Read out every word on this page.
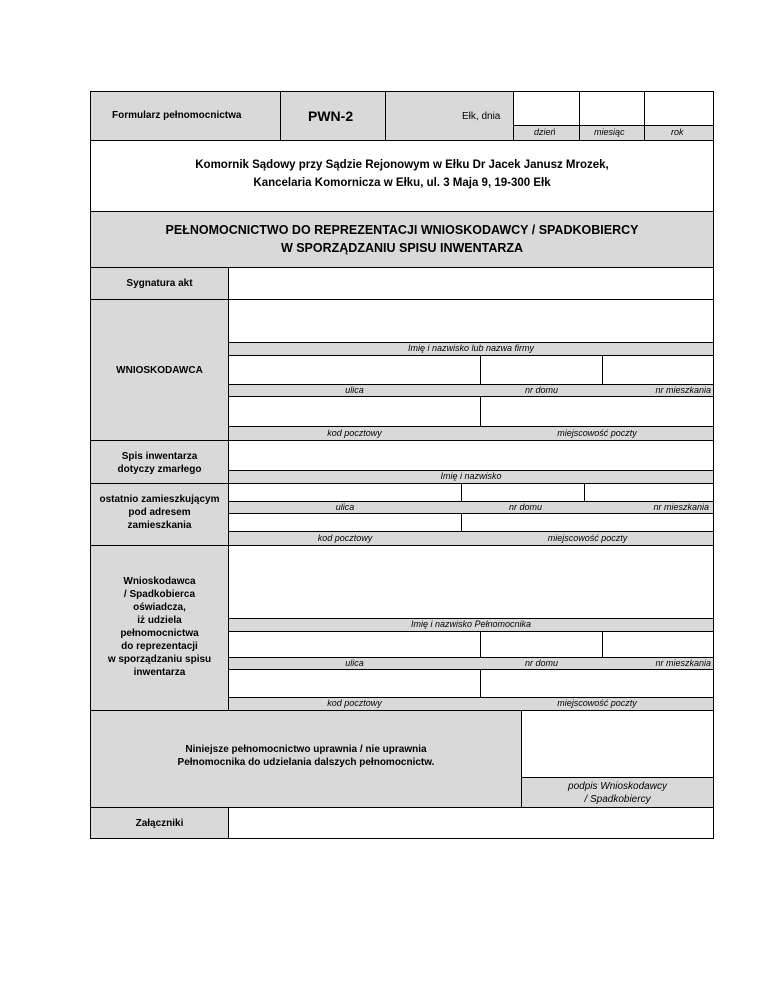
Formularz pełnomocnictwa	PWN-2	Ełk, dnia
dzień	miesiąc	rok
Komornik Sądowy przy Sądzie Rejonowym w Ełku Dr Jacek Janusz Mrozek,
Kancelaria Komornicza w Ełku, ul. 3 Maja 9, 19-300 Ełk
PEŁNOMOCNICTWO DO REPREZENTACJI WNIOSKODAWCY / SPADKOBIERCY
W SPORZĄDZANIU SPISU INWENTARZA
Sygnatura akt
WNIOSKODAWCA
Imię i nazwisko lub nazwa firmy
ulica	nr domu	nr mieszkania
kod pocztowy	miejscowość poczty
Spis inwentarza
dotyczy zmarłego
Imię i nazwisko
ostatnio zamieszkującym
pod adresem
zamieszkania
ulica	nr domu	nr mieszkania
kod pocztowy	miejscowość poczty
Wnioskodawca
/ Spadkobierca
oświadcza,
iż udziela
pełnomocnictwa
do reprezentacji
w sporządzaniu spisu
inwentarza
Imię i nazwisko Pełnomocnika
ulica	nr domu	nr mieszkania
kod pocztowy	miejscowość poczty
Niniejsze pełnomocnictwo uprawnia / nie uprawnia
Pełnomocnika do udzielania dalszych pełnomocnictw.
podpis Wnioskodawcy
/ Spadkobiercy
Załączniki
